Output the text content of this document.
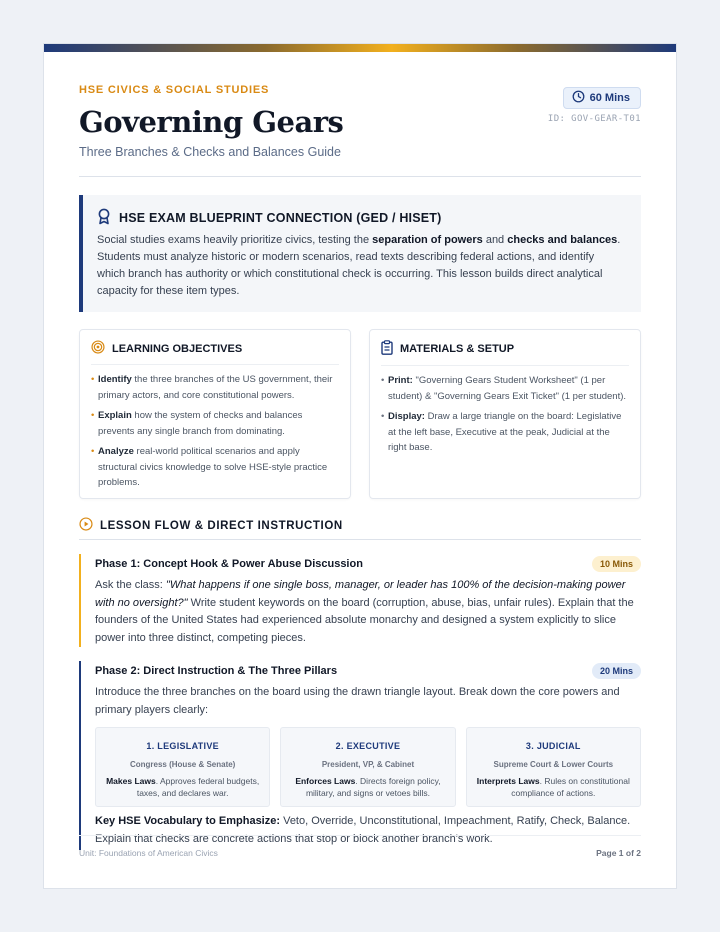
HSE CIVICS & SOCIAL STUDIES
Governing Gears
Three Branches & Checks and Balances Guide
60 Mins
ID: GOV-GEAR-T01
HSE EXAM BLUEPRINT CONNECTION (GED / HISET)
Social studies exams heavily prioritize civics, testing the separation of powers and checks and balances. Students must analyze historic or modern scenarios, read texts describing federal actions, and identify which branch has authority or which constitutional check is occurring. This lesson builds direct analytical capacity for these item types.
LEARNING OBJECTIVES
• Identify the three branches of the US government, their primary actors, and core constitutional powers.
• Explain how the system of checks and balances prevents any single branch from dominating.
• Analyze real-world political scenarios and apply structural civics knowledge to solve HSE-style practice problems.
MATERIALS & SETUP
• Print: "Governing Gears Student Worksheet" (1 per student) & "Governing Gears Exit Ticket" (1 per student).
• Display: Draw a large triangle on the board: Legislative at the left base, Executive at the peak, Judicial at the right base.
LESSON FLOW & DIRECT INSTRUCTION
Phase 1: Concept Hook & Power Abuse Discussion	10 Mins
Ask the class: "What happens if one single boss, manager, or leader has 100% of the decision-making power with no oversight?" Write student keywords on the board (corruption, abuse, bias, unfair rules). Explain that the founders of the United States had experienced absolute monarchy and designed a system explicitly to slice power into three distinct, competing pieces.
Phase 2: Direct Instruction & The Three Pillars	20 Mins
Introduce the three branches on the board using the drawn triangle layout. Break down the core powers and primary players clearly:
1. LEGISLATIVE
Congress (House & Senate)
Makes Laws. Approves federal budgets, taxes, and declares war.
2. EXECUTIVE
President, VP, & Cabinet
Enforces Laws. Directs foreign policy, military, and signs or vetoes bills.
3. JUDICIAL
Supreme Court & Lower Courts
Interprets Laws. Rules on constitutional compliance of actions.
Key HSE Vocabulary to Emphasize: Veto, Override, Unconstitutional, Impeachment, Ratify, Check, Balance. Explain that checks are concrete actions that stop or block another branch's work.
Unit: Foundations of American Civics	Page 1 of 2
